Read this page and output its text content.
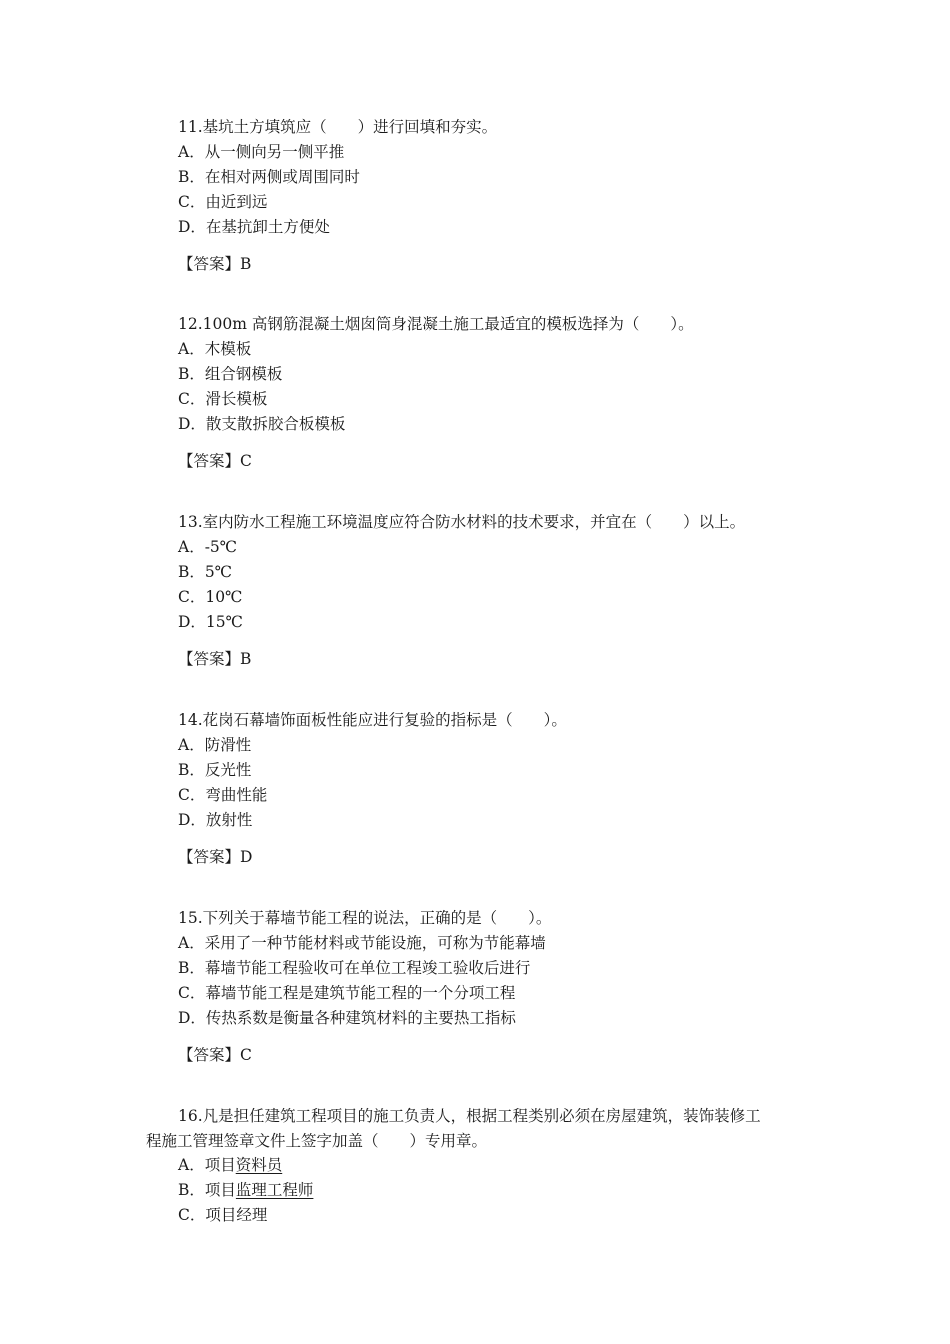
11.基坑土方填筑应（　　）进行回填和夯实。
A．从一侧向另一侧平推
B．在相对两侧或周围同时
C．由近到远
D．在基抗卸土方便处
【答案】B
12.100m 高钢筋混凝土烟囱筒身混凝土施工最适宜的模板选择为（　　）。
A．木模板
B．组合钢模板
C．滑长模板
D．散支散拆胶合板模板
【答案】C
13.室内防水工程施工环境温度应符合防水材料的技术要求，并宜在（　　）以上。
A．-5℃
B．5℃
C．10℃
D．15℃
【答案】B
14.花岗石幕墙饰面板性能应进行复验的指标是（　　）。
A．防滑性
B．反光性
C．弯曲性能
D．放射性
【答案】D
15.下列关于幕墙节能工程的说法，正确的是（　　）。
A．采用了一种节能材料或节能设施，可称为节能幕墙
B．幕墙节能工程验收可在单位工程竣工验收后进行
C．幕墙节能工程是建筑节能工程的一个分项工程
D．传热系数是衡量各种建筑材料的主要热工指标
【答案】C
16.凡是担任建筑工程项目的施工负责人，根据工程类别必须在房屋建筑，装饰装修工
程施工管理签章文件上签字加盖（　　）专用章。
A．项目资料员
B．项目监理工程师
C．项目经理
